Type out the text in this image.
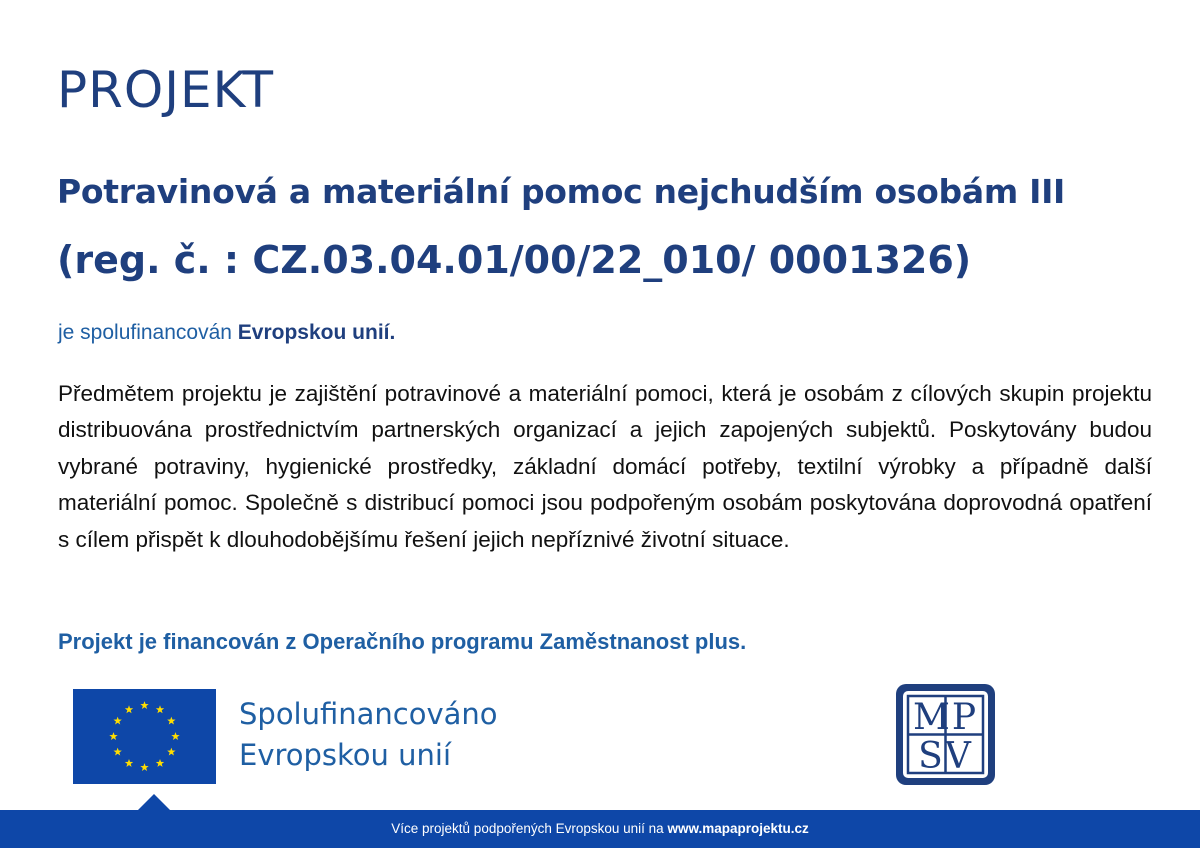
PROJEKT
Potravinová a materiální pomoc nejchudším osobám III
(reg. č. : CZ.03.04.01/00/22_010/ 0001326)
je spolufinancován Evropskou unií.
Předmětem projektu je zajištění potravinové a materiální pomoci, která je osobám z cílových skupin projektu distribuována prostřednictvím partnerských organizací a jejich zapojených subjektů. Poskytovány budou vybrané potraviny, hygienické prostředky, základní domácí potřeby, textilní výrobky a případně další materiální pomoc. Společně s distribucí pomoci jsou podpořeným osobám poskytována doprovodná opatření s cílem přispět k dlouhodobějšímu řešení jejich nepříznivé životní situace.
Projekt je financován z Operačního programu Zaměstnanost plus.
Spolufinancováno
Evropskou unií
MP
SV
Více projektů podpořených Evropskou unií na www.mapaprojektu.cz
